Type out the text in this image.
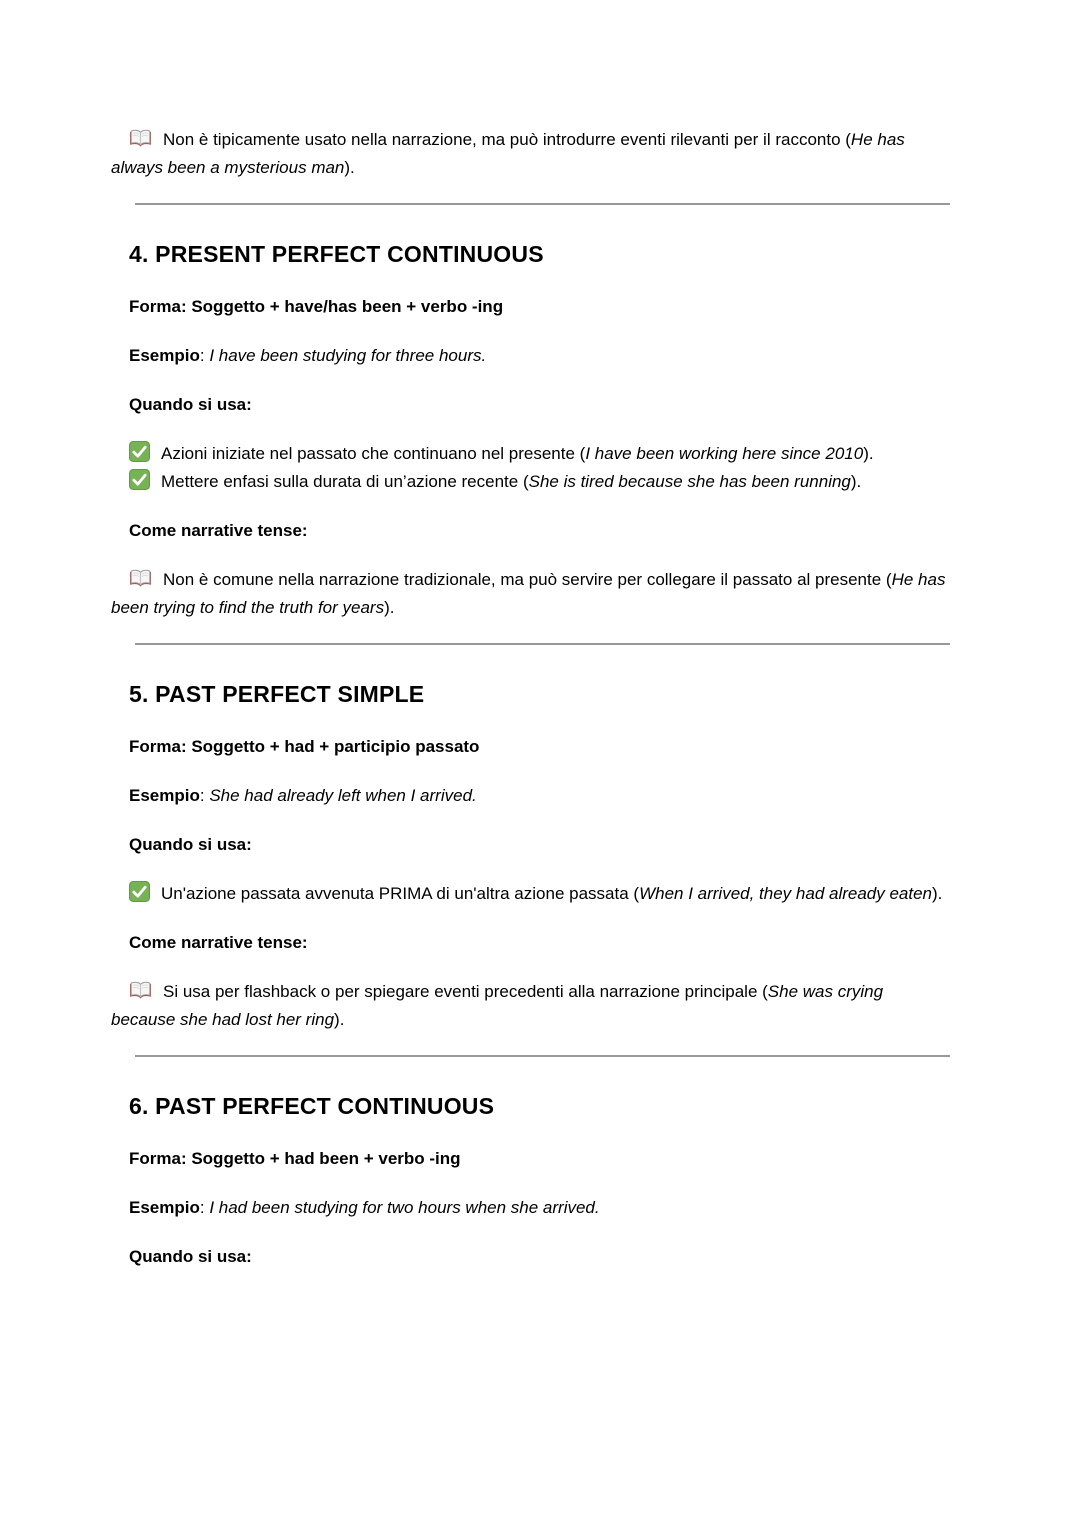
Non è tipicamente usato nella narrazione, ma può introdurre eventi rilevanti per il racconto (He has always been a mysterious man).

4. PRESENT PERFECT CONTINUOUS

Forma: Soggetto + have/has been + verbo -ing

Esempio: I have been studying for three hours.

Quando si usa:

Azioni iniziate nel passato che continuano nel presente (I have been working here since 2010).
Mettere enfasi sulla durata di un’azione recente (She is tired because she has been running).

Come narrative tense:

Non è comune nella narrazione tradizionale, ma può servire per collegare il passato al presente (He has been trying to find the truth for years).

5. PAST PERFECT SIMPLE

Forma: Soggetto + had + participio passato

Esempio: She had already left when I arrived.

Quando si usa:

Un'azione passata avvenuta PRIMA di un'altra azione passata (When I arrived, they had already eaten).

Come narrative tense:

Si usa per flashback o per spiegare eventi precedenti alla narrazione principale (She was crying because she had lost her ring).

6. PAST PERFECT CONTINUOUS

Forma: Soggetto + had been + verbo -ing

Esempio: I had been studying for two hours when she arrived.

Quando si usa:
